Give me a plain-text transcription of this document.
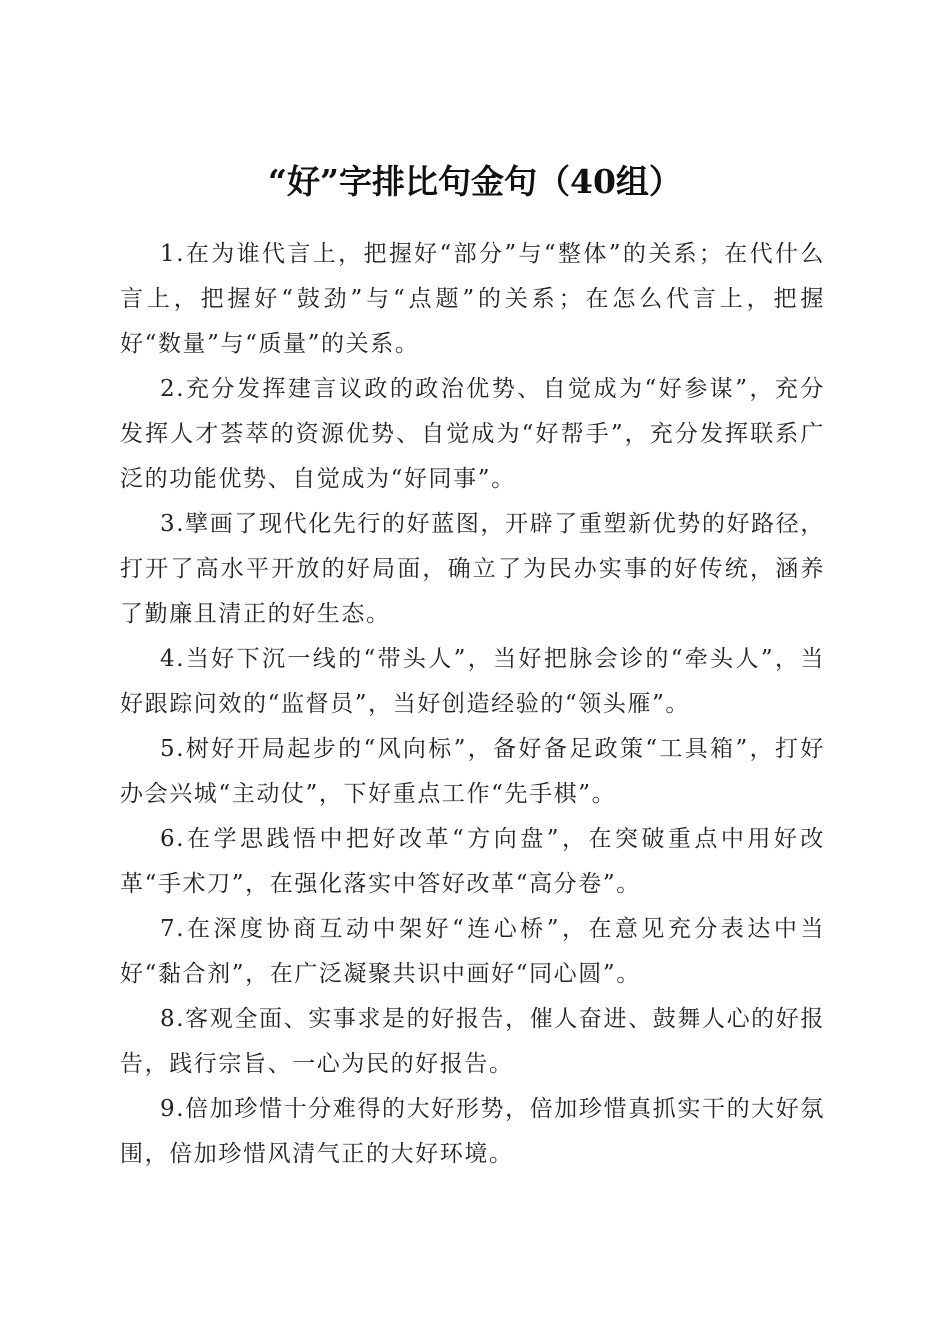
“好”字排比句金句（40组）

1.在为谁代言上，把握好“部分”与“整体”的关系；在代什么言上，把握好“鼓劲”与“点题”的关系；在怎么代言上，把握好“数量”与“质量”的关系。

2.充分发挥建言议政的政治优势、自觉成为“好参谋”，充分发挥人才荟萃的资源优势、自觉成为“好帮手”，充分发挥联系广泛的功能优势、自觉成为“好同事”。

3.擘画了现代化先行的好蓝图，开辟了重塑新优势的好路径，打开了高水平开放的好局面，确立了为民办实事的好传统，涵养了勤廉且清正的好生态。

4.当好下沉一线的“带头人”，当好把脉会诊的“牵头人”，当好跟踪问效的“监督员”，当好创造经验的“领头雁”。

5.树好开局起步的“风向标”，备好备足政策“工具箱”，打好办会兴城“主动仗”，下好重点工作“先手棋”。

6.在学思践悟中把好改革“方向盘”，在突破重点中用好改革“手术刀”，在强化落实中答好改革“高分卷”。

7.在深度协商互动中架好“连心桥”，在意见充分表达中当好“黏合剂”，在广泛凝聚共识中画好“同心圆”。

8.客观全面、实事求是的好报告，催人奋进、鼓舞人心的好报告，践行宗旨、一心为民的好报告。

9.倍加珍惜十分难得的大好形势，倍加珍惜真抓实干的大好氛围，倍加珍惜风清气正的大好环境。
